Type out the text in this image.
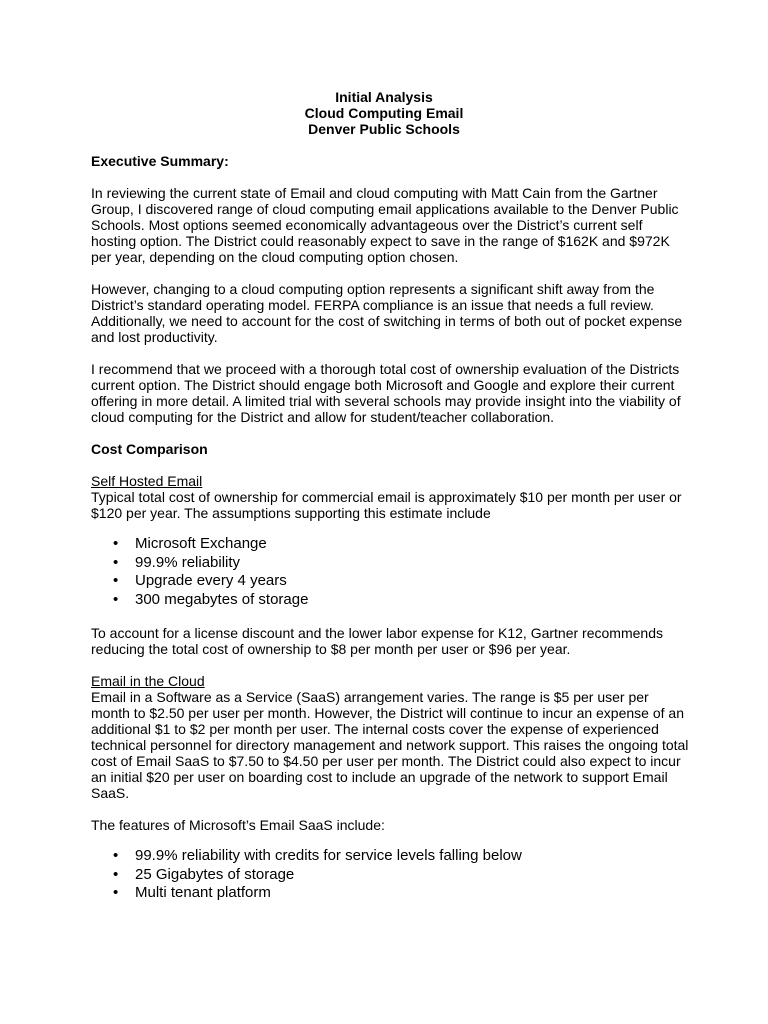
Initial Analysis
Cloud Computing Email
Denver Public Schools

Executive Summary:

In reviewing the current state of Email and cloud computing with Matt Cain from the Gartner Group, I discovered range of cloud computing email applications available to the Denver Public Schools. Most options seemed economically advantageous over the District’s current self hosting option. The District could reasonably expect to save in the range of $162K and $972K per year, depending on the cloud computing option chosen.

However, changing to a cloud computing option represents a significant shift away from the District’s standard operating model. FERPA compliance is an issue that needs a full review. Additionally, we need to account for the cost of switching in terms of both out of pocket expense and lost productivity.

I recommend that we proceed with a thorough total cost of ownership evaluation of the Districts current option. The District should engage both Microsoft and Google and explore their current offering in more detail. A limited trial with several schools may provide insight into the viability of cloud computing for the District and allow for student/teacher collaboration.

Cost Comparison

Self Hosted Email

Typical total cost of ownership for commercial email is approximately $10 per month per user or $120 per year. The assumptions supporting this estimate include

• Microsoft Exchange
• 99.9% reliability
• Upgrade every 4 years
• 300 megabytes of storage

To account for a license discount and the lower labor expense for K12, Gartner recommends reducing the total cost of ownership to $8 per month per user or $96 per year.

Email in the Cloud

Email in a Software as a Service (SaaS) arrangement varies. The range is $5 per user per month to $2.50 per user per month. However, the District will continue to incur an expense of an additional $1 to $2 per month per user. The internal costs cover the expense of experienced technical personnel for directory management and network support. This raises the ongoing total cost of Email SaaS to $7.50 to $4.50 per user per month. The District could also expect to incur an initial $20 per user on boarding cost to include an upgrade of the network to support Email SaaS.

The features of Microsoft’s Email SaaS include:

• 99.9% reliability with credits for service levels falling below
• 25 Gigabytes of storage
• Multi tenant platform
